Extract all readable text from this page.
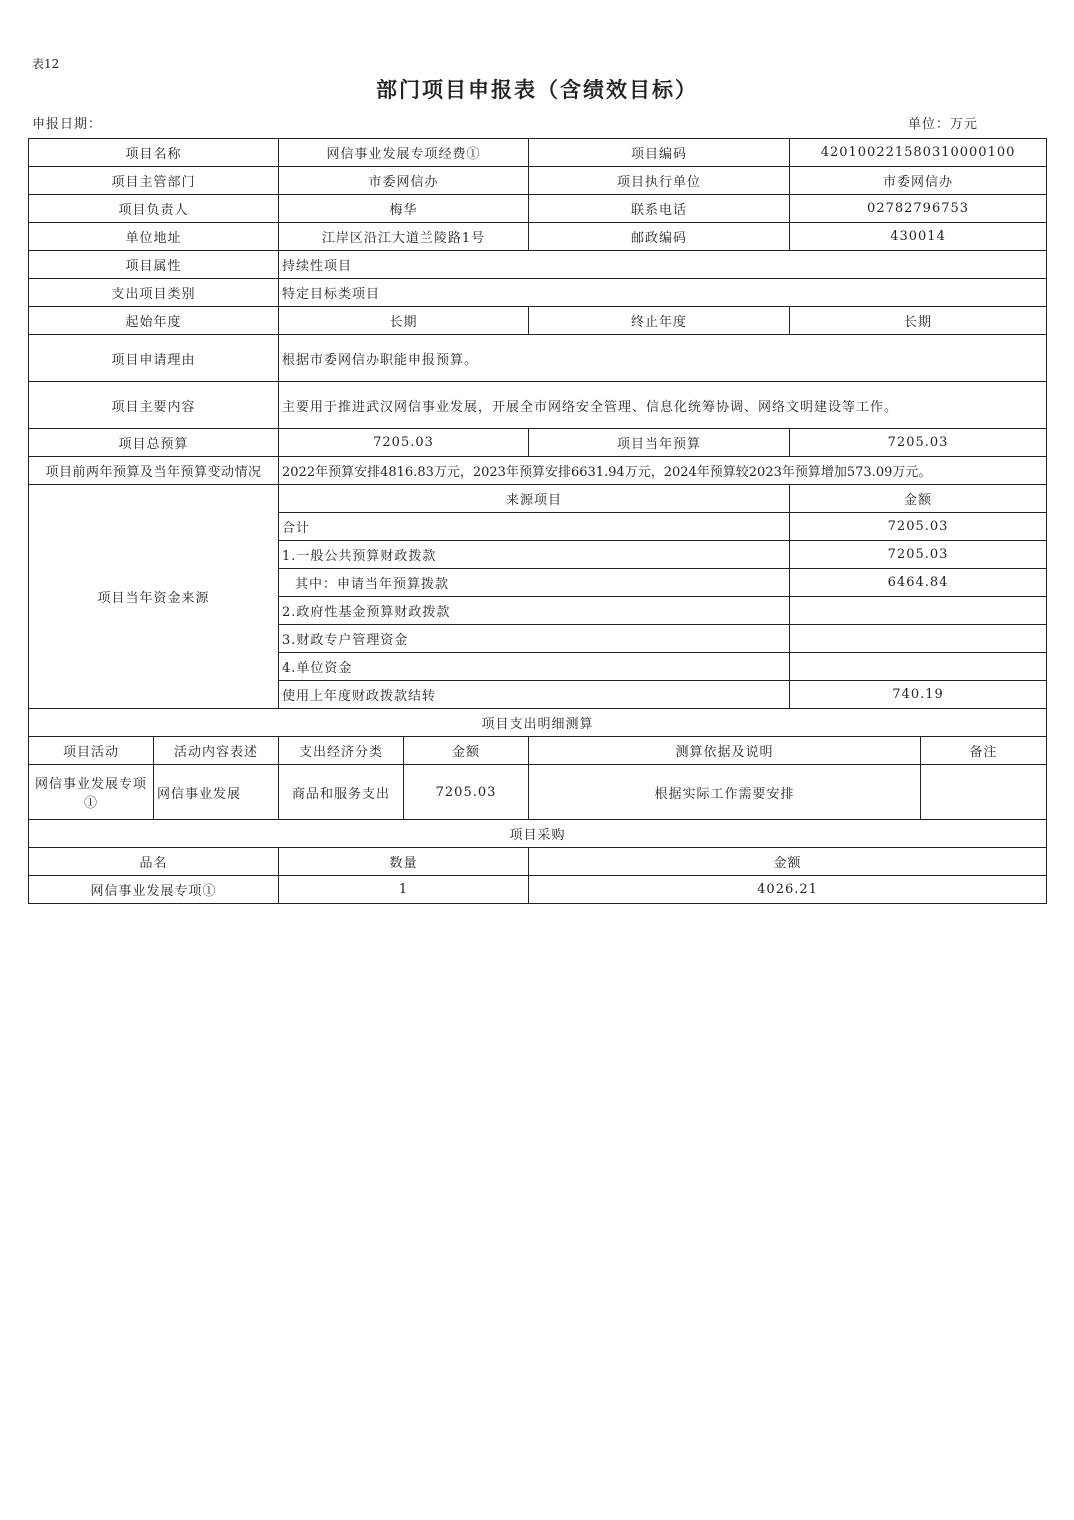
表12
部门项目申报表（含绩效目标）
申报日期：	单位：万元
项目名称		网信事业发展专项经费①		项目编码	420100221580310000100	
项目主管部门		市委网信办		项目执行单位	市委网信办	
项目负责人		梅华		联系电话	02782796753	
单位地址		江岸区沿江大道兰陵路1号		邮政编码	430014	
项目属性		持续性项目				
支出项目类别		特定目标类项目				
起始年度		长期		终止年度	长期	
项目申请理由		根据市委网信办职能申报预算。				
项目主要内容		主要用于推进武汉网信事业发展，开展全市网络安全管理、信息化统筹协调、网络文明建设等工作。				
项目总预算		7205.03		项目当年预算	7205.03	
项目前两年预算及当年预算变动情况		2022年预算安排4816.83万元，2023年预算安排6631.94万元，2024年预算较2023年预算增加573.09万元。				
项目当年资金来源		来源项目			金额	
		合计			7205.03	
		1.一般公共预算财政拨款			7205.03	
		其中：申请当年预算拨款			6464.84	
		2.政府性基金预算财政拨款				
		3.财政专户管理资金				
		4.单位资金				
		使用上年度财政拨款结转			740.19	
项目支出明细测算						
项目活动	活动内容表述	支出经济分类	金额	测算依据及说明		备注
网信事业发展专项①	网信事业发展	商品和服务支出	7205.03	根据实际工作需要安排		
项目采购						
品名		数量		金额		
网信事业发展专项①		1		4026.21		
